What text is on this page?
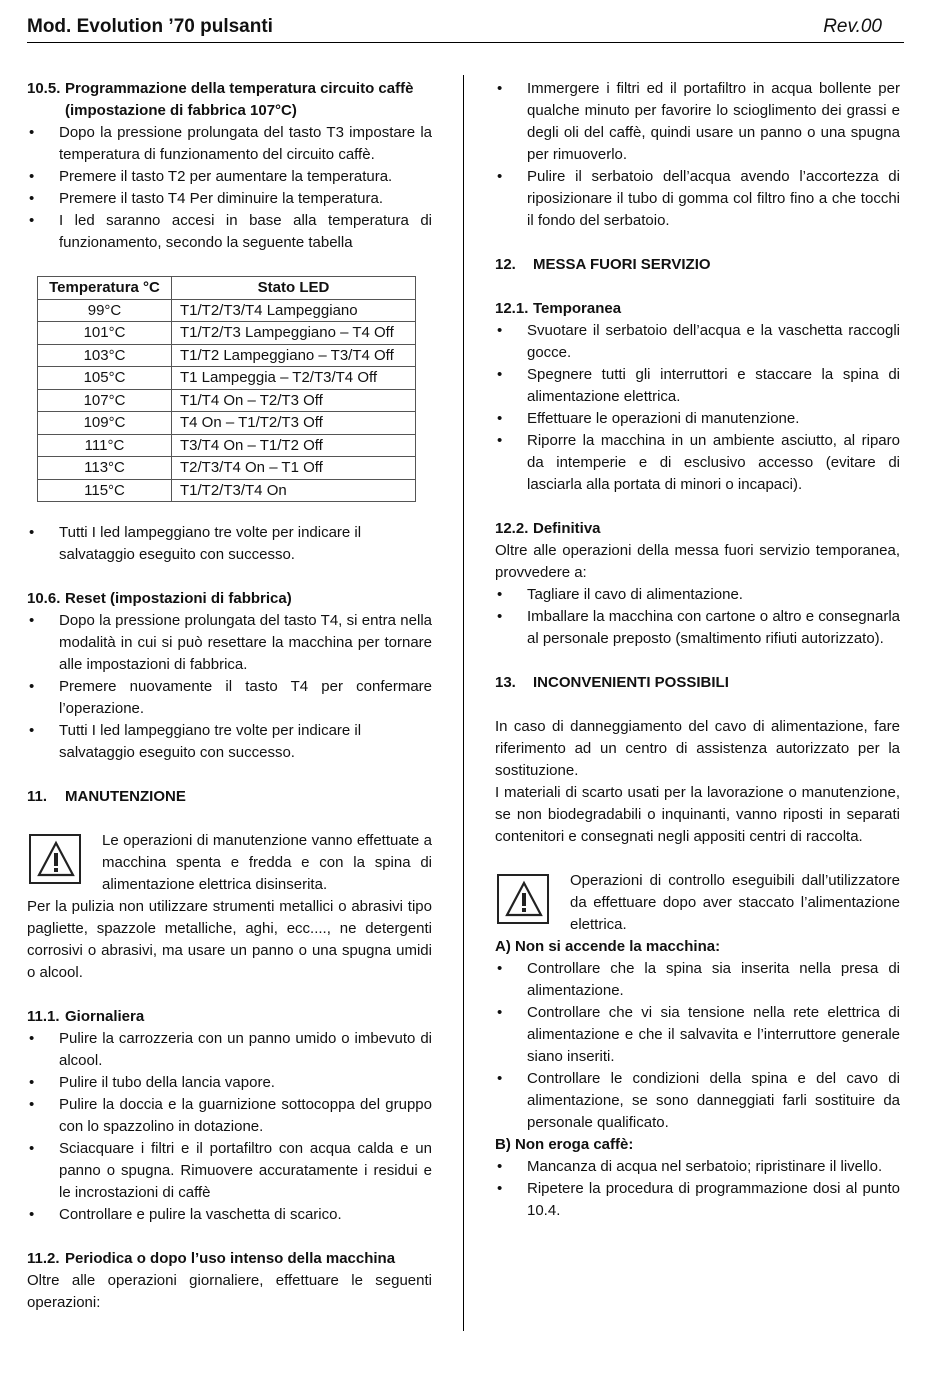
Mod. Evolution ’70 pulsanti	Rev.00
10.5. Programmazione della temperatura circuito caffè
(impostazione di fabbrica 107°C)
• Dopo la pressione prolungata del tasto T3 impostare la temperatura di funzionamento del circuito caffè.
• Premere il tasto T2 per aumentare la temperatura.
• Premere il tasto T4 Per diminuire la temperatura.
• I led saranno accesi in base alla temperatura di funzionamento, secondo la seguente tabella
Temperatura °C	Stato LED
99°C	T1/T2/T3/T4 Lampeggiano
101°C	T1/T2/T3 Lampeggiano – T4 Off
103°C	T1/T2 Lampeggiano – T3/T4 Off
105°C	T1 Lampeggia – T2/T3/T4 Off
107°C	T1/T4 On – T2/T3 Off
109°C	T4 On – T1/T2/T3 Off
111°C	T3/T4 On – T1/T2 Off
113°C	T2/T3/T4 On – T1 Off
115°C	T1/T2/T3/T4 On
• Tutti I led lampeggiano tre volte per indicare il salvataggio eseguito con successo.
10.6. Reset (impostazioni di fabbrica)
• Dopo la pressione prolungata del tasto T4, si entra nella modalità in cui si può resettare la macchina per tornare alle impostazioni di fabbrica.
• Premere nuovamente il tasto T4 per confermare l’operazione.
• Tutti I led lampeggiano tre volte per indicare il salvataggio eseguito con successo.
11.	MANUTENZIONE

Le operazioni di manutenzione vanno effettuate a macchina spenta e fredda e con la spina di alimentazione elettrica disinserita.

Per la pulizia non utilizzare strumenti metallici o abrasivi tipo pagliette, spazzole metalliche, aghi, ecc...., ne detergenti corrosivi o abrasivi, ma usare un panno o una spugna umidi o alcool.

11.1. Giornaliera
• Pulire la carrozzeria con un panno umido o imbevuto di alcool.
• Pulire il tubo della lancia vapore.
• Pulire la doccia e la guarnizione sottocoppa del gruppo con lo spazzolino in dotazione.
• Sciacquare i filtri e il portafiltro con acqua calda e un panno o spugna. Rimuovere accuratamente i residui e le incrostazioni di caffè
• Controllare e pulire la vaschetta di scarico.
11.2. Periodica o dopo l’uso intenso della macchina

Oltre alle operazioni giornaliere, effettuare le seguenti operazioni:

• Immergere i filtri ed il portafiltro in acqua bollente per qualche minuto per favorire lo scioglimento dei grassi e degli oli del caffè, quindi usare un panno o una spugna per rimuoverlo.
• Pulire il serbatoio dell’acqua avendo l’accortezza di riposizionare il tubo di gomma col filtro fino a che tocchi il fondo del serbatoio.
12.	MESSA FUORI SERVIZIO
12.1. Temporanea
• Svuotare il serbatoio dell’acqua e la vaschetta raccogli gocce.
• Spegnere tutti gli interruttori e staccare la spina di alimentazione elettrica.
• Effettuare le operazioni di manutenzione.
• Riporre la macchina in un ambiente asciutto, al riparo da intemperie e di esclusivo accesso (evitare di lasciarla alla portata di minori o incapaci).
12.2. Definitiva

Oltre alle operazioni della messa fuori servizio temporanea, provvedere a:

• Tagliare il cavo di alimentazione.
• Imballare la macchina con cartone o altro e consegnarla al personale preposto (smaltimento rifiuti autorizzato).
13.	INCONVENIENTI POSSIBILI

In caso di danneggiamento del cavo di alimentazione, fare riferimento ad un centro di assistenza autorizzato per la sostituzione.

I materiali di scarto usati per la lavorazione o manutenzione, se non biodegradabili o inquinanti, vanno riposti in separati contenitori e consegnati negli appositi centri di raccolta.

Operazioni di controllo eseguibili dall’utilizzatore da effettuare dopo aver staccato l’alimentazione elettrica.

A) Non si accende la macchina:
• Controllare che la spina sia inserita nella presa di alimentazione.
• Controllare che vi sia tensione nella rete elettrica di alimentazione e che il salvavita e l’interruttore generale siano inseriti.
• Controllare le condizioni della spina e del cavo di alimentazione, se sono danneggiati farli sostituire da personale qualificato.
B) Non eroga caffè:
• Mancanza di acqua nel serbatoio; ripristinare il livello.
• Ripetere la procedura di programmazione dosi al punto 10.4.
